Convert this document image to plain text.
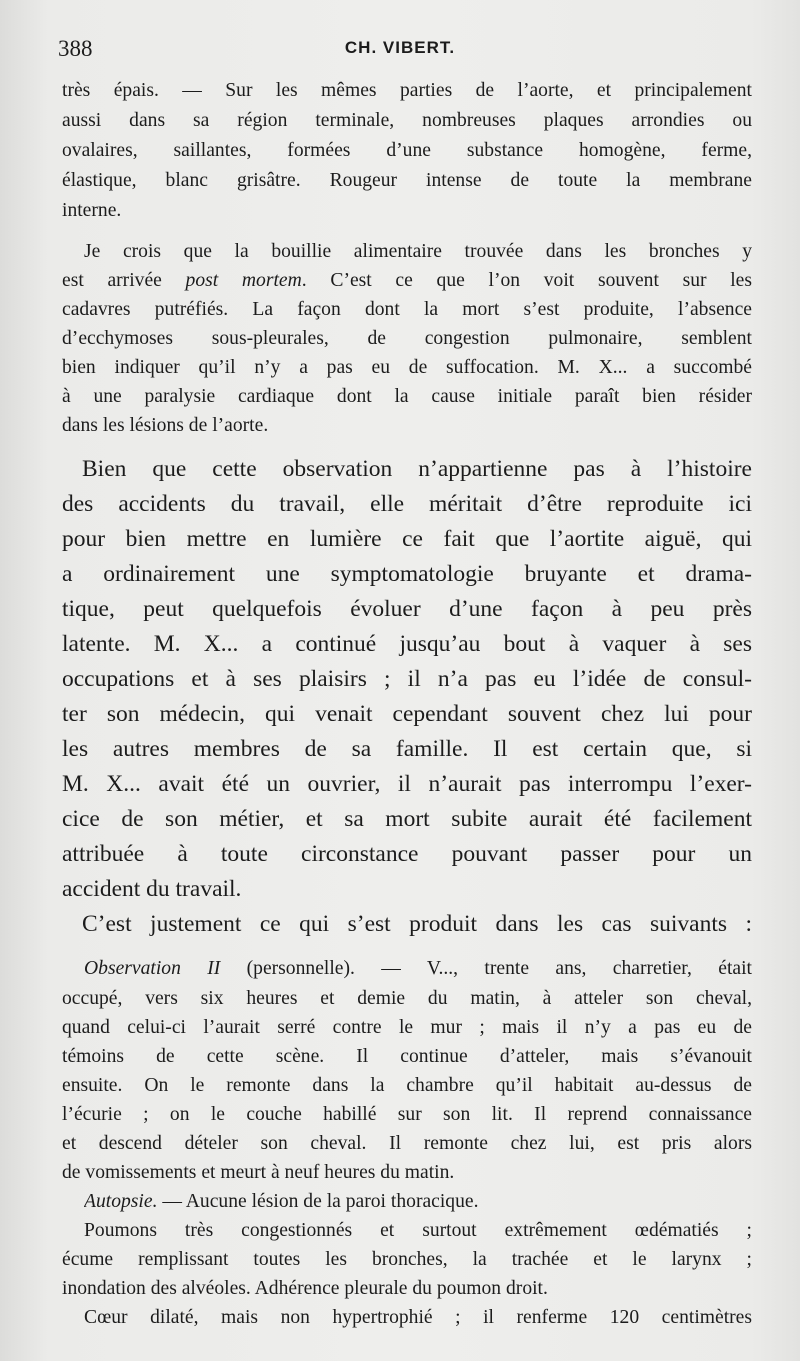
388	CH. VIBERT.
très épais. — Sur les mêmes parties de l’aorte, et principalement
aussi dans sa région terminale, nombreuses plaques arrondies ou
ovalaires, saillantes, formées d’une substance homogène, ferme,
élastique, blanc grisâtre. Rougeur intense de toute la membrane
interne.
Je crois que la bouillie alimentaire trouvée dans les bronches y
est arrivée post mortem. C’est ce que l’on voit souvent sur les
cadavres putréfiés. La façon dont la mort s’est produite, l’absence
d’ecchymoses sous-pleurales, de congestion pulmonaire, semblent
bien indiquer qu’il n’y a pas eu de suffocation. M. X... a succombé
à une paralysie cardiaque dont la cause initiale paraît bien résider
dans les lésions de l’aorte.
Bien que cette observation n’appartienne pas à l’histoire
des accidents du travail, elle méritait d’être reproduite ici
pour bien mettre en lumière ce fait que l’aortite aiguë, qui
a ordinairement une symptomatologie bruyante et drama-
tique, peut quelquefois évoluer d’une façon à peu près
latente. M. X... a continué jusqu’au bout à vaquer à ses
occupations et à ses plaisirs ; il n’a pas eu l’idée de consul-
ter son médecin, qui venait cependant souvent chez lui pour
les autres membres de sa famille. Il est certain que, si
M. X... avait été un ouvrier, il n’aurait pas interrompu l’exer-
cice de son métier, et sa mort subite aurait été facilement
attribuée à toute circonstance pouvant passer pour un
accident du travail.
C’est justement ce qui s’est produit dans les cas suivants :
Observation II (personnelle). — V..., trente ans, charretier, était
occupé, vers six heures et demie du matin, à atteler son cheval,
quand celui-ci l’aurait serré contre le mur ; mais il n’y a pas eu de
témoins de cette scène. Il continue d’atteler, mais s’évanouit
ensuite. On le remonte dans la chambre qu’il habitait au-dessus de
l’écurie ; on le couche habillé sur son lit. Il reprend connaissance
et descend dételer son cheval. Il remonte chez lui, est pris alors
de vomissements et meurt à neuf heures du matin.
Autopsie. — Aucune lésion de la paroi thoracique.
Poumons très congestionnés et surtout extrêmement œdématiés ;
écume remplissant toutes les bronches, la trachée et le larynx ;
inondation des alvéoles. Adhérence pleurale du poumon droit.
Cœur dilaté, mais non hypertrophié ; il renferme 120 centimètres
